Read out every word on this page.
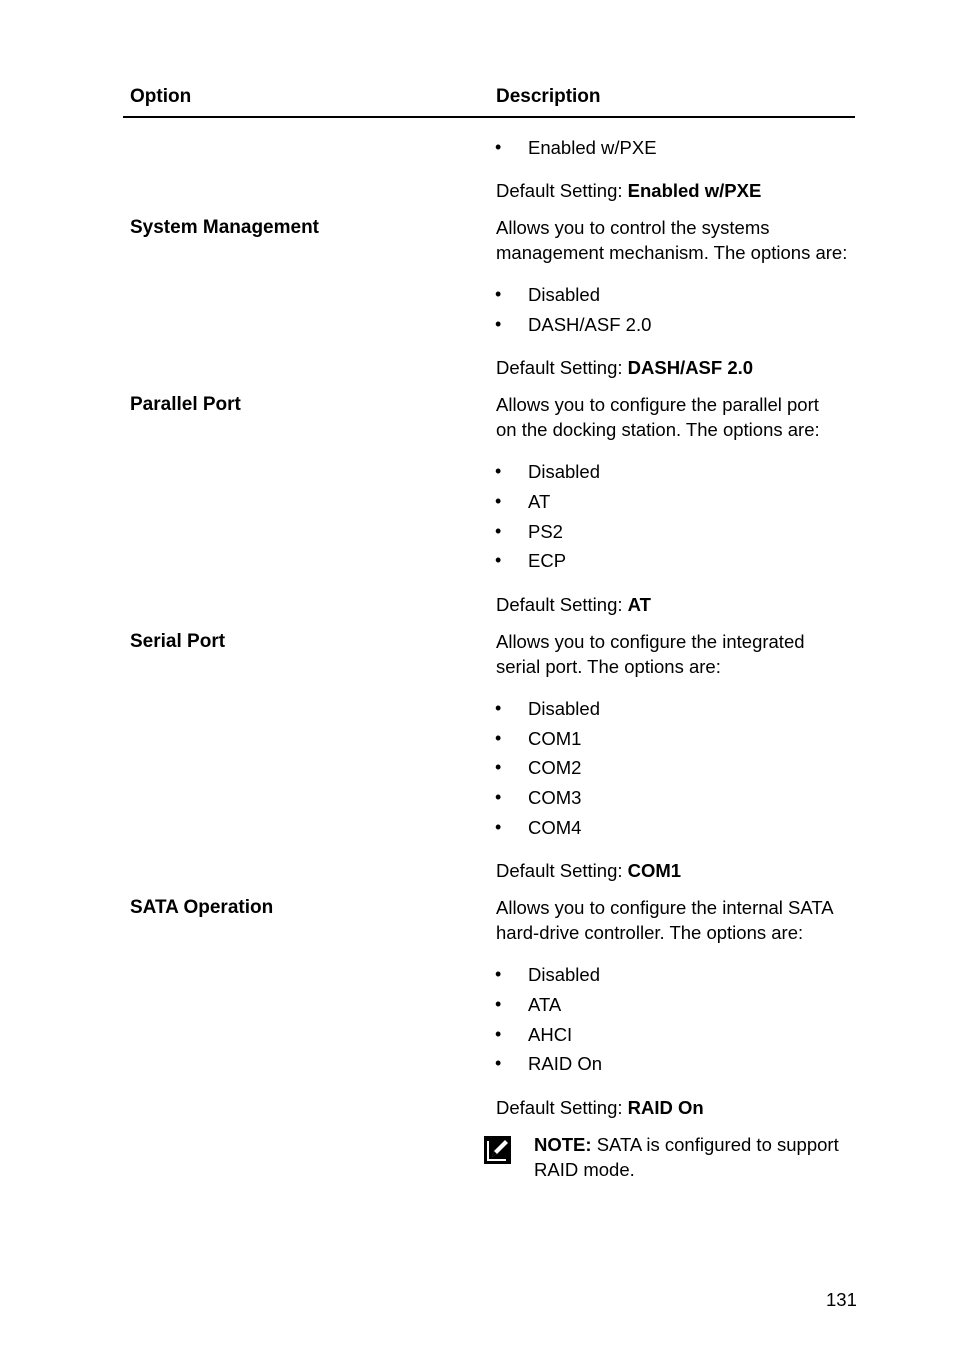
Option	Description
• Enabled w/PXE
Default Setting: Enabled w/PXE
System Management	Allows you to control the systems
management mechanism. The options are:
• Disabled
• DASH/ASF 2.0
Default Setting: DASH/ASF 2.0
Parallel Port	Allows you to configure the parallel port
on the docking station. The options are:
• Disabled
• AT
• PS2
• ECP
Default Setting: AT
Serial Port	Allows you to configure the integrated
serial port. The options are:
• Disabled
• COM1
• COM2
• COM3
• COM4
Default Setting: COM1
SATA Operation	Allows you to configure the internal SATA
hard-drive controller. The options are:
• Disabled
• ATA
• AHCI
• RAID On
Default Setting: RAID On
NOTE: SATA is configured to support
RAID mode.
131
